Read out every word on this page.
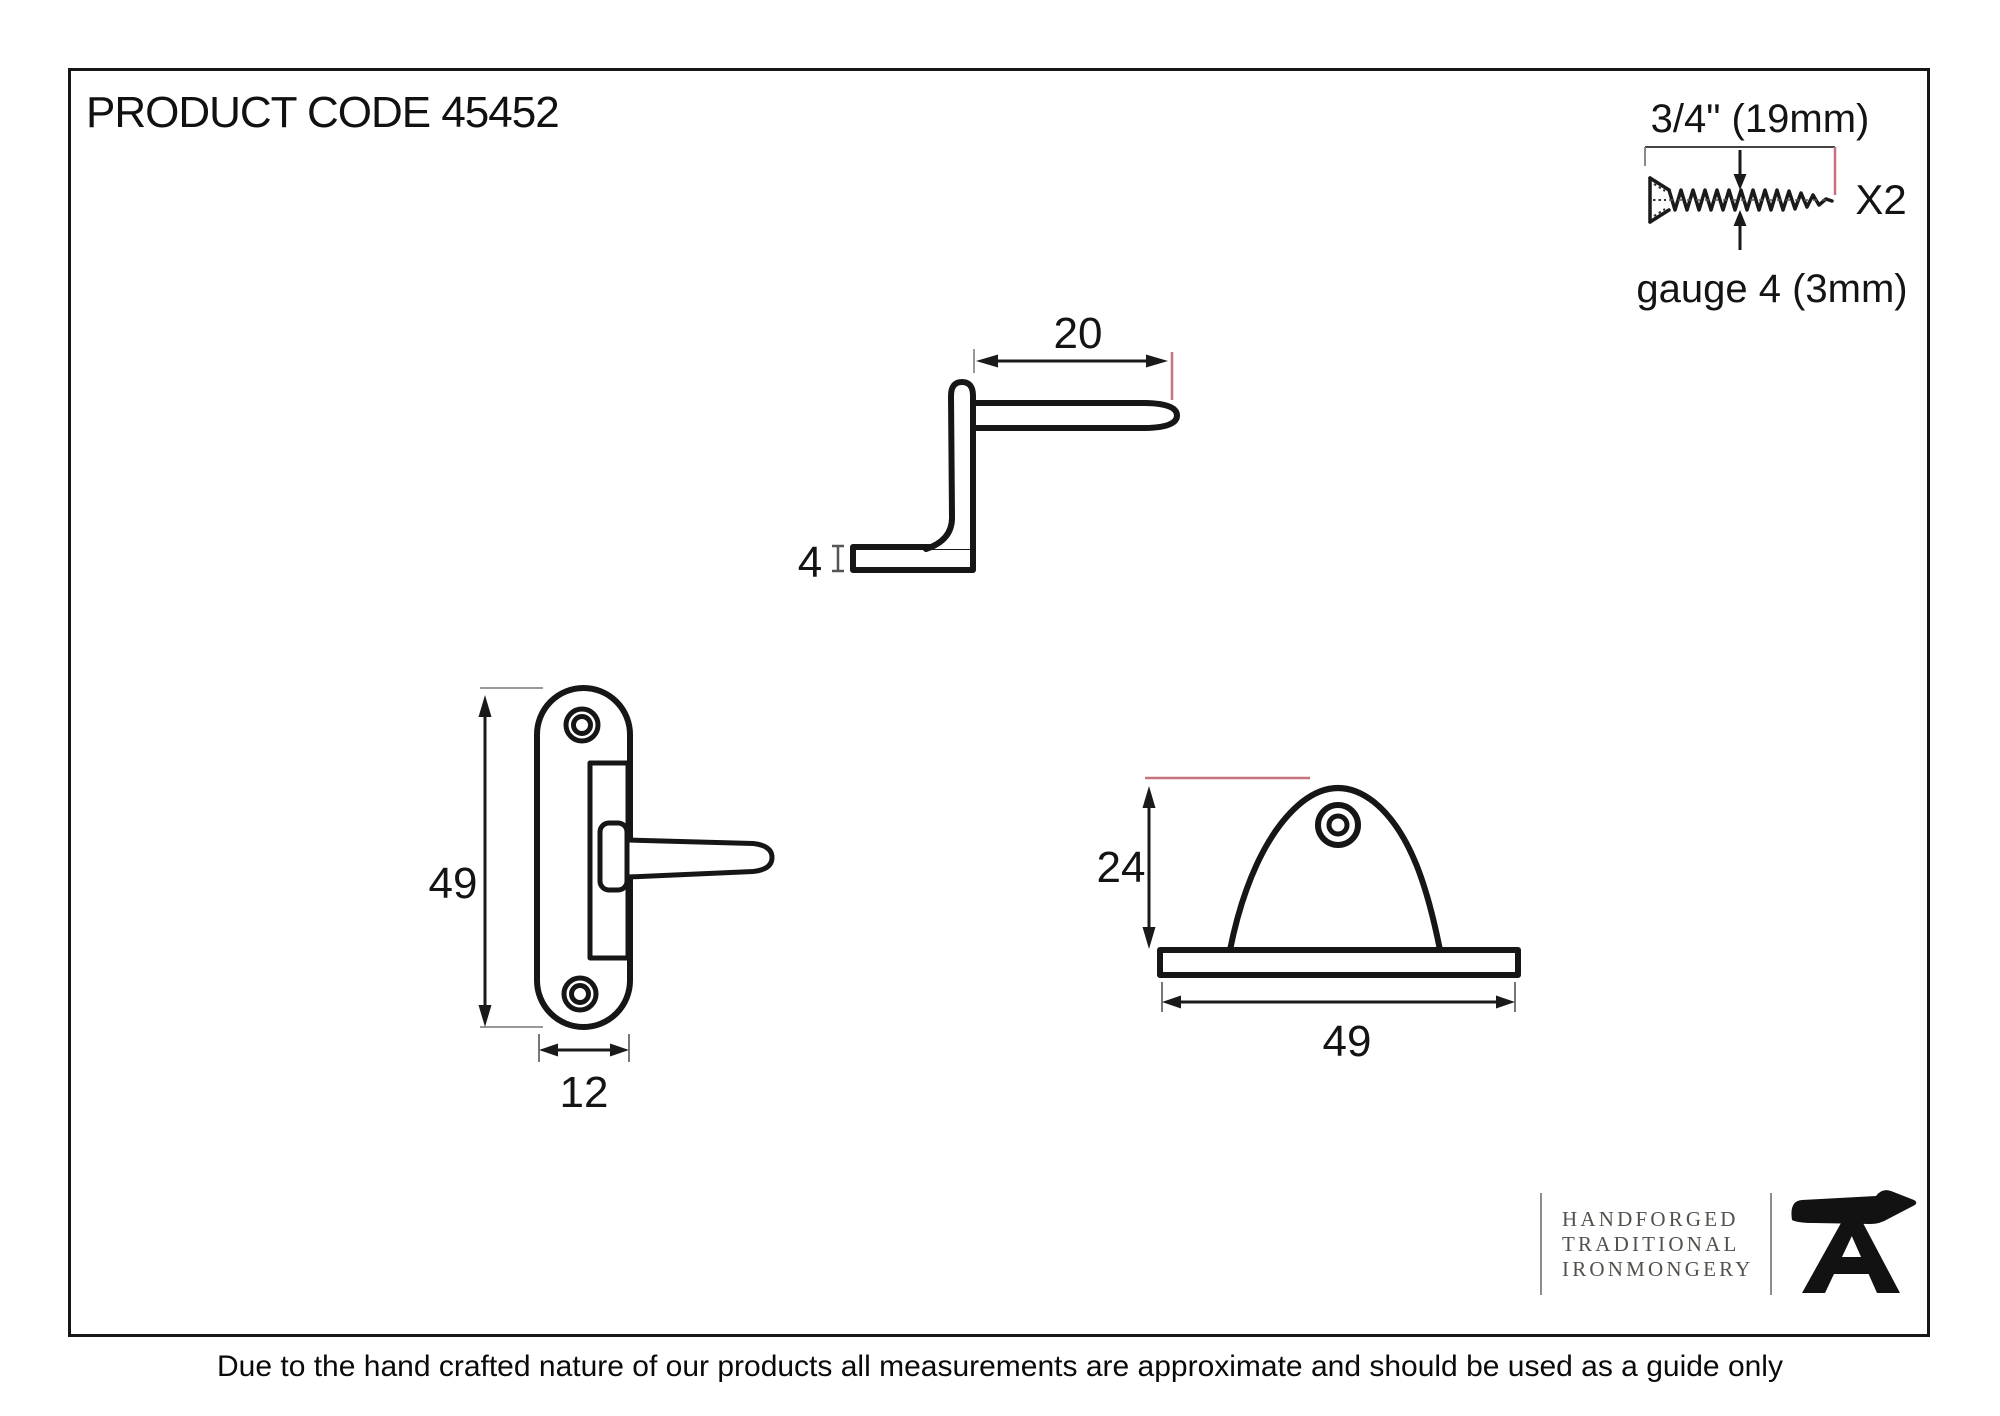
PRODUCT CODE 45452	3/4" (19mm)
X2
gauge 4 (3mm)
20
4
49
12
24
49
HANDFORGED
TRADITIONAL
IRONMONGERY
Due to the hand crafted nature of our products all measurements are approximate and should be used as a guide only
